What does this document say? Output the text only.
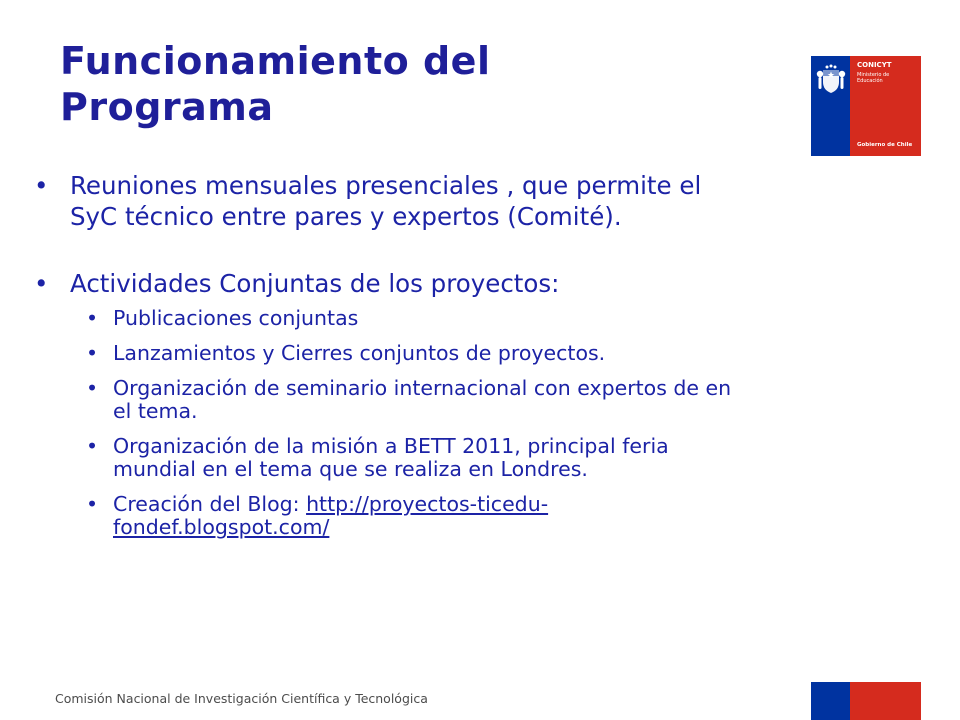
Funcionamiento del
Programa
CONICYT
Ministerio de
Educación
Gobierno de Chile
• Reuniones mensuales presenciales , que permite el
SyC técnico entre pares y expertos (Comité).
• Actividades Conjuntas de los proyectos:
• Publicaciones conjuntas
• Lanzamientos y Cierres conjuntos de proyectos.
• Organización de seminario internacional con expertos de en
el tema.
• Organización de la misión a BETT 2011, principal feria
mundial en el tema que se realiza en Londres.
• Creación del Blog: http://proyectos-ticedu-
fondef.blogspot.com/
Comisión Nacional de Investigación Científica y Tecnológica
